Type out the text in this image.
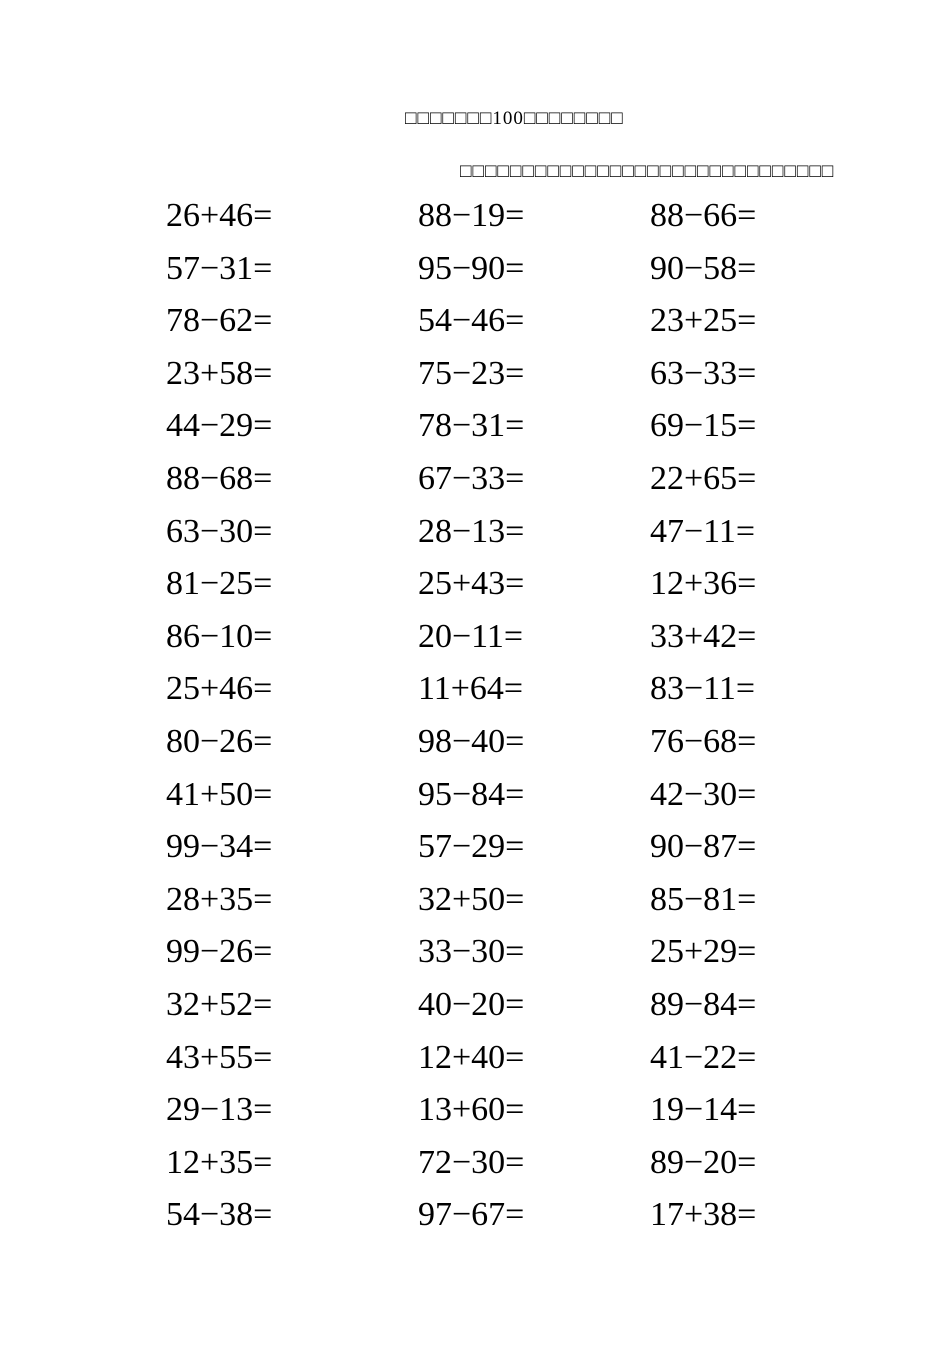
□□□□□□□100□□□□□□□□
□□□□□□□□□□□□□□□□□□□□□□□□□□□□□□
26+46=	88−19=	88−66=
57−31=	95−90=	90−58=
78−62=	54−46=	23+25=
23+58=	75−23=	63−33=
44−29=	78−31=	69−15=
88−68=	67−33=	22+65=
63−30=	28−13=	47−11=
81−25=	25+43=	12+36=
86−10=	20−11=	33+42=
25+46=	11+64=	83−11=
80−26=	98−40=	76−68=
41+50=	95−84=	42−30=
99−34=	57−29=	90−87=
28+35=	32+50=	85−81=
99−26=	33−30=	25+29=
32+52=	40−20=	89−84=
43+55=	12+40=	41−22=
29−13=	13+60=	19−14=
12+35=	72−30=	89−20=
54−38=	97−67=	17+38=
